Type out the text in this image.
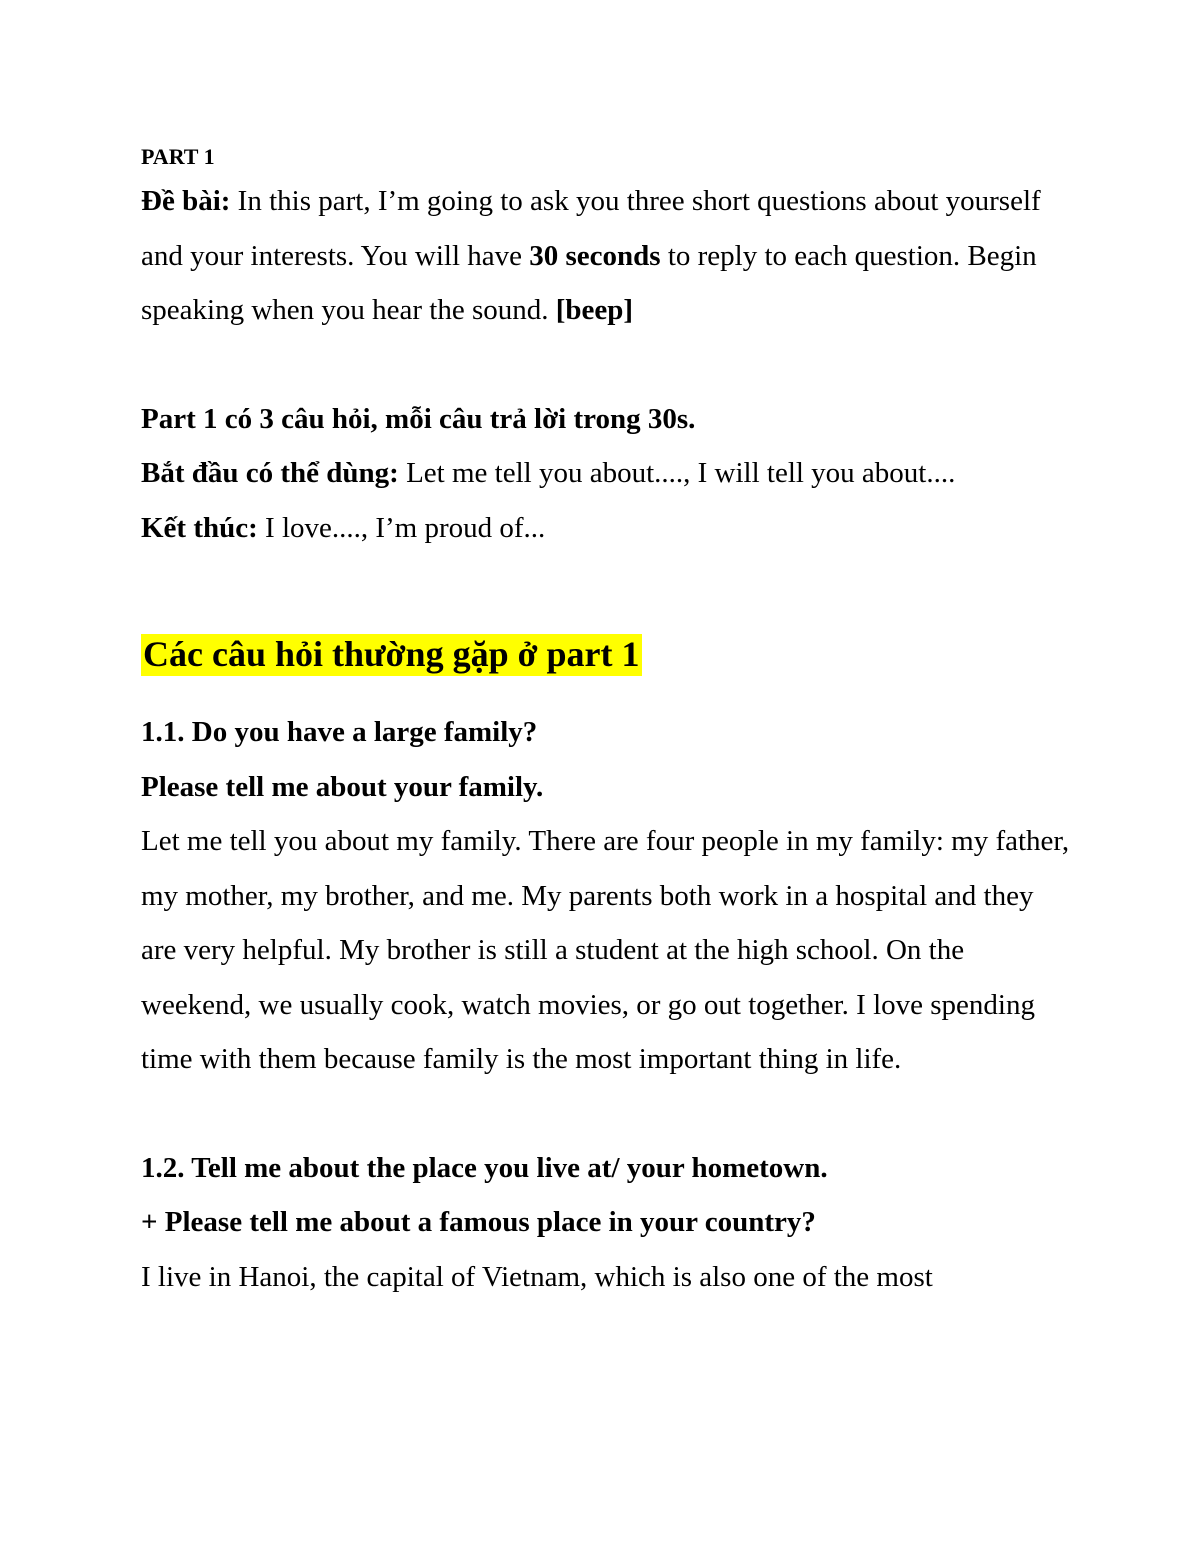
PART 1

Đề bài: In this part, I’m going to ask you three short questions about yourself and your interests. You will have 30 seconds to reply to each question. Begin speaking when you hear the sound. [beep]

Part 1 có 3 câu hỏi, mỗi câu trả lời trong 30s.

Bắt đầu có thể dùng: Let me tell you about...., I will tell you about....

Kết thúc: I love...., I’m proud of...

Các câu hỏi thường gặp ở part 1

1.1. Do you have a large family?

Please tell me about your family.

Let me tell you about my family. There are four people in my family: my father, my mother, my brother, and me. My parents both work in a hospital and they are very helpful. My brother is still a student at the high school. On the weekend, we usually cook, watch movies, or go out together. I love spending time with them because family is the most important thing in life.

1.2. Tell me about the place you live at/ your hometown.

+ Please tell me about a famous place in your country?

I live in Hanoi, the capital of Vietnam, which is also one of the most
